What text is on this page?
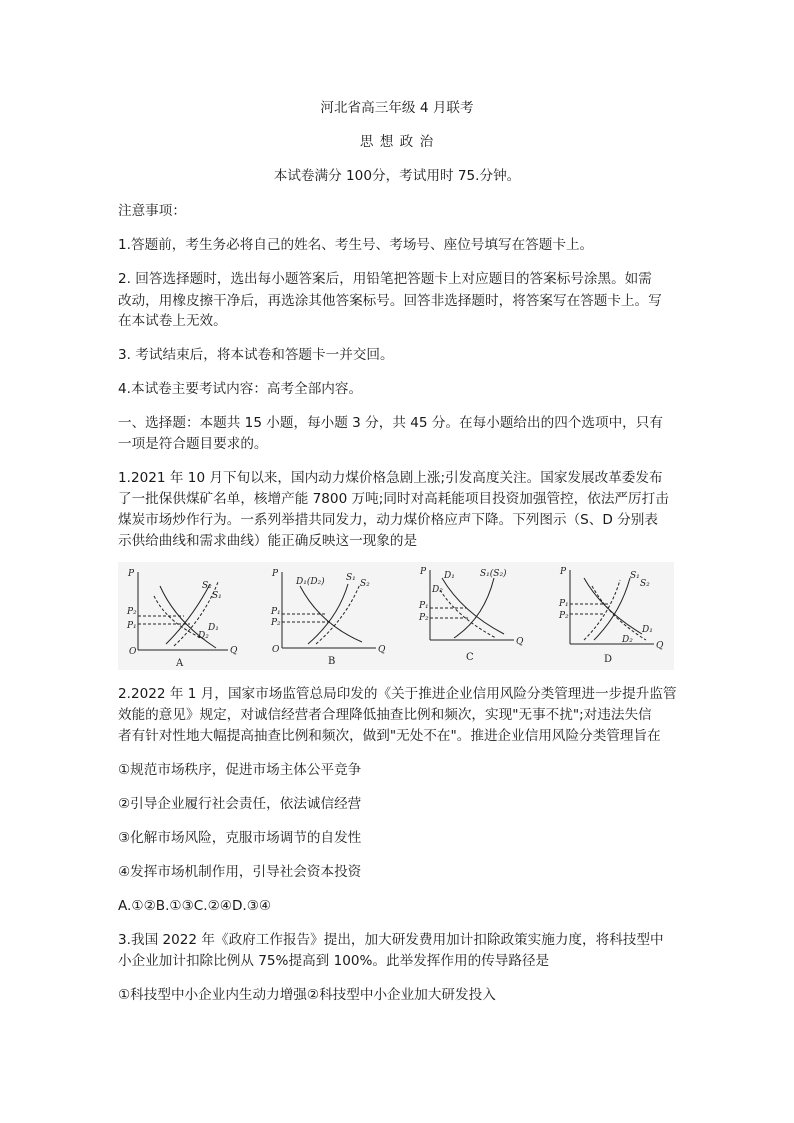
河北省高三年级 4 月联考
思 想 政 治
本试卷满分 100分，考试用时 75.分钟。
注意事项：
1.答题前，考生务必将自己的姓名、考生号、考场号、座位号填写在答题卡上。
2. 回答选择题时，选出每小题答案后，用铅笔把答题卡上对应题目的答案标号涂黑。如需
改动，用橡皮擦干净后，再选涂其他答案标号。回答非选择题时，将答案写在答题卡上。写
在本试卷上无效。
3. 考试结束后，将本试卷和答题卡一并交回。
4.本试卷主要考试内容：高考全部内容。
一、选择题：本题共 15 小题，每小题 3 分，共 45 分。在每小题给出的四个选项中，只有
一项是符合题目要求的。
1.2021 年 10 月下旬以来，国内动力煤价格急剧上涨;引发高度关注。国家发展改革委发布
了一批保供煤矿名单，核增产能 7800 万吨;同时对高耗能项目投资加强管控，依法严厉打击
煤炭市场炒作行为。一系列举措共同发力，动力煤价格应声下降。下列图示（S、D 分别表
示供给曲线和需求曲线）能正确反映这一现象的是
P
Q
O
S₂
S₁
P₂
P₁
D₂
D₁
A
P
Q
O
D₁(D₂) S₁
S₂
P₁
P₂
B
P
Q
D₁	S₁(S₂)
D₂
P₁
P₂
C
P
Q
S₁
S₂
P₁
P₂
D₂
D₁
D
2.2022 年 1 月，国家市场监管总局印发的《关于推进企业信用风险分类管理进一步提升监管
效能的意见》规定，对诚信经营者合理降低抽查比例和频次，实现"无事不扰";对违法失信
者有针对性地大幅提高抽查比例和频次，做到"无处不在"。推进企业信用风险分类管理旨在
①规范市场秩序，促进市场主体公平竞争
②引导企业履行社会责任，依法诚信经营
③化解市场风险，克服市场调节的自发性
④发挥市场机制作用，引导社会资本投资
A.①②B.①③C.②④D.③④
3.我国 2022 年《政府工作报告》提出，加大研发费用加计扣除政策实施力度，将科技型中
小企业加计扣除比例从 75%提高到 100%。此举发挥作用的传导路径是
①科技型中小企业内生动力增强②科技型中小企业加大研发投入
